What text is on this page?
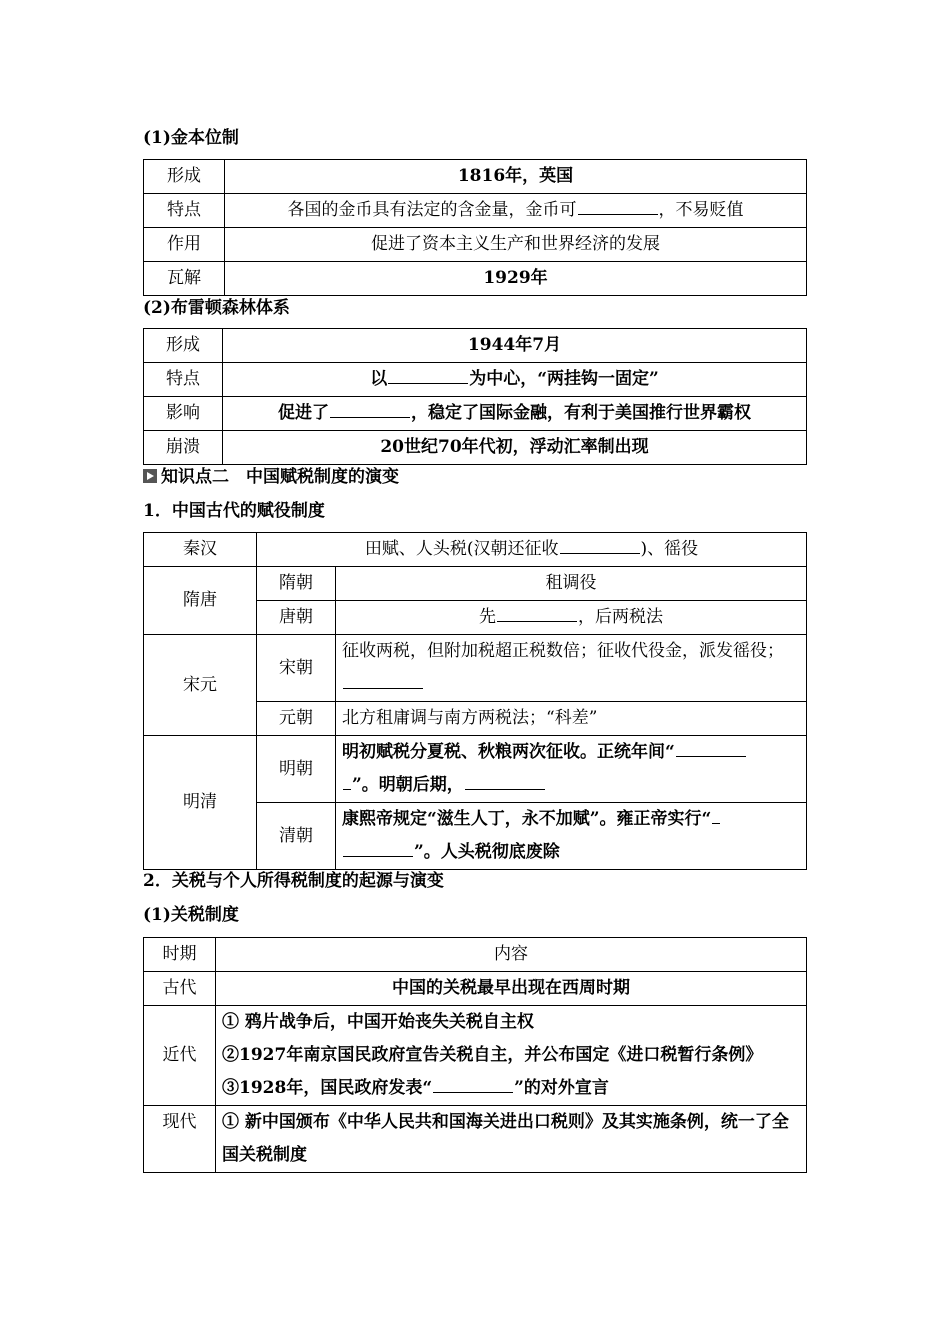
(1)金本位制
形成	1816年，英国
特点	各国的金币具有法定的含金量，金币可 ，不易贬值
作用	促进了资本主义生产和世界经济的发展
瓦解	1929年
(2)布雷顿森林体系
形成	1944年7月
特点	以 为中心，“两挂钩一固定”
影响	促进了 ，稳定了国际金融，有利于美国推行世界霸权
崩溃	20世纪70年代初，浮动汇率制出现
知识点二　中国赋税制度的演变
1．中国古代的赋役制度
秦汉	田赋、人头税(汉朝还征收 )、徭役	
隋唐	隋朝	租调役
	唐朝	先 ，后两税法
宋元	宋朝	征收两税，但附加税超正税数倍；征收代役金，派发徭役；
	元朝	北方租庸调与南方两税法；“科差”
明清	明朝	明初赋税分夏税、秋粮两次征收。正统年间“
”。明朝后期，
	清朝	康熙帝规定“滋生人丁，永不加赋”。雍正帝实行“
”。人头税彻底废除
2．关税与个人所得税制度的起源与演变
(1)关税制度
时期	内容
古代	中国的关税最早出现在西周时期
近代	① 鸦片战争后，中国开始丧失关税自主权
②1927年南京国民政府宣告关税自主，并公布国定《进口税暂行条例》
③1928年，国民政府发表“ ”的对外宣言

现代	① 新中国颁布《中华人民共和国海关进出口税则》及其实施条例，统一了全国关税制度
